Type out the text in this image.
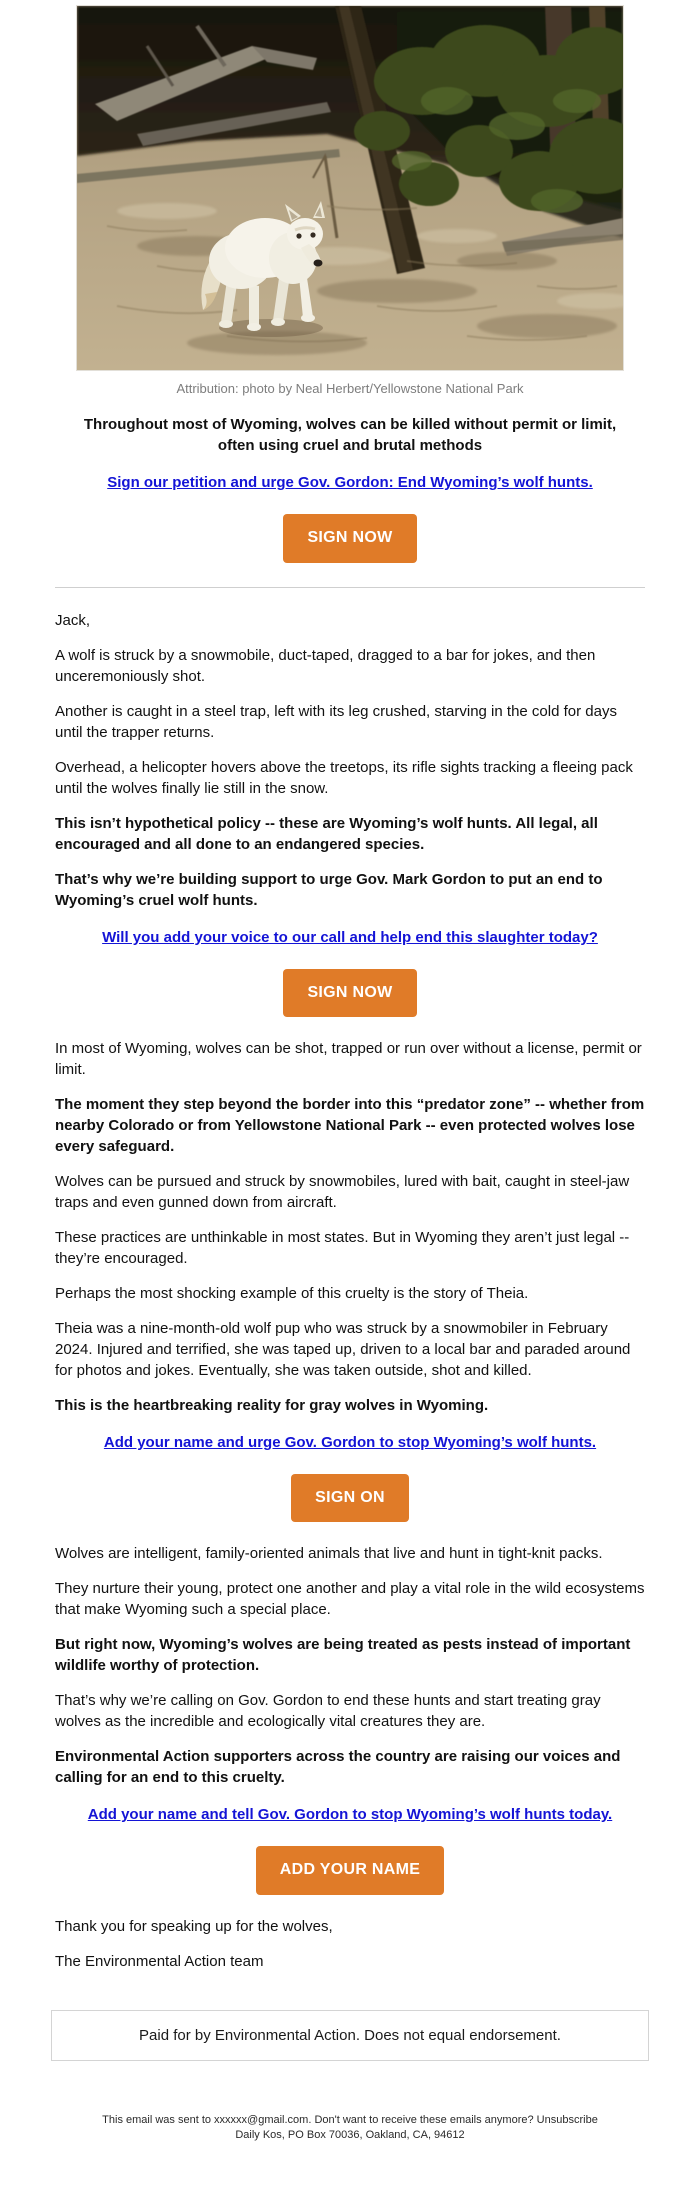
Attribution: photo by Neal Herbert/Yellowstone National Park
Throughout most of Wyoming, wolves can be killed without permit or limit, often using cruel and brutal methods
Sign our petition and urge Gov. Gordon: End Wyoming’s wolf hunts.
SIGN NOW

Jack,

A wolf is struck by a snowmobile, duct-taped, dragged to a bar for jokes, and then unceremoniously shot.

Another is caught in a steel trap, left with its leg crushed, starving in the cold for days until the trapper returns.

Overhead, a helicopter hovers above the treetops, its rifle sights tracking a fleeing pack until the wolves finally lie still in the snow.

This isn’t hypothetical policy -- these are Wyoming’s wolf hunts. All legal, all encouraged and all done to an endangered species.

That’s why we’re building support to urge Gov. Mark Gordon to put an end to Wyoming’s cruel wolf hunts.

Will you add your voice to our call and help end this slaughter today?
SIGN NOW

In most of Wyoming, wolves can be shot, trapped or run over without a license, permit or limit.

The moment they step beyond the border into this “predator zone” -- whether from nearby Colorado or from Yellowstone National Park -- even protected wolves lose every safeguard.

Wolves can be pursued and struck by snowmobiles, lured with bait, caught in steel-jaw traps and even gunned down from aircraft.

These practices are unthinkable in most states. But in Wyoming they aren’t just legal -- they’re encouraged.

Perhaps the most shocking example of this cruelty is the story of Theia.

Theia was a nine-month-old wolf pup who was struck by a snowmobiler in February 2024. Injured and terrified, she was taped up, driven to a local bar and paraded around for photos and jokes. Eventually, she was taken outside, shot and killed.

This is the heartbreaking reality for gray wolves in Wyoming.

Add your name and urge Gov. Gordon to stop Wyoming’s wolf hunts.
SIGN ON

Wolves are intelligent, family-oriented animals that live and hunt in tight-knit packs.

They nurture their young, protect one another and play a vital role in the wild ecosystems that make Wyoming such a special place.

But right now, Wyoming’s wolves are being treated as pests instead of important wildlife worthy of protection.

That’s why we’re calling on Gov. Gordon to end these hunts and start treating gray wolves as the incredible and ecologically vital creatures they are.

Environmental Action supporters across the country are raising our voices and calling for an end to this cruelty.

Add your name and tell Gov. Gordon to stop Wyoming’s wolf hunts today.
ADD YOUR NAME

Thank you for speaking up for the wolves,

The Environmental Action team

Paid for by Environmental Action. Does not equal endorsement.
This email was sent to xxxxxx@gmail.com. Don't want to receive these emails anymore? Unsubscribe
Daily Kos, PO Box 70036, Oakland, CA, 94612
